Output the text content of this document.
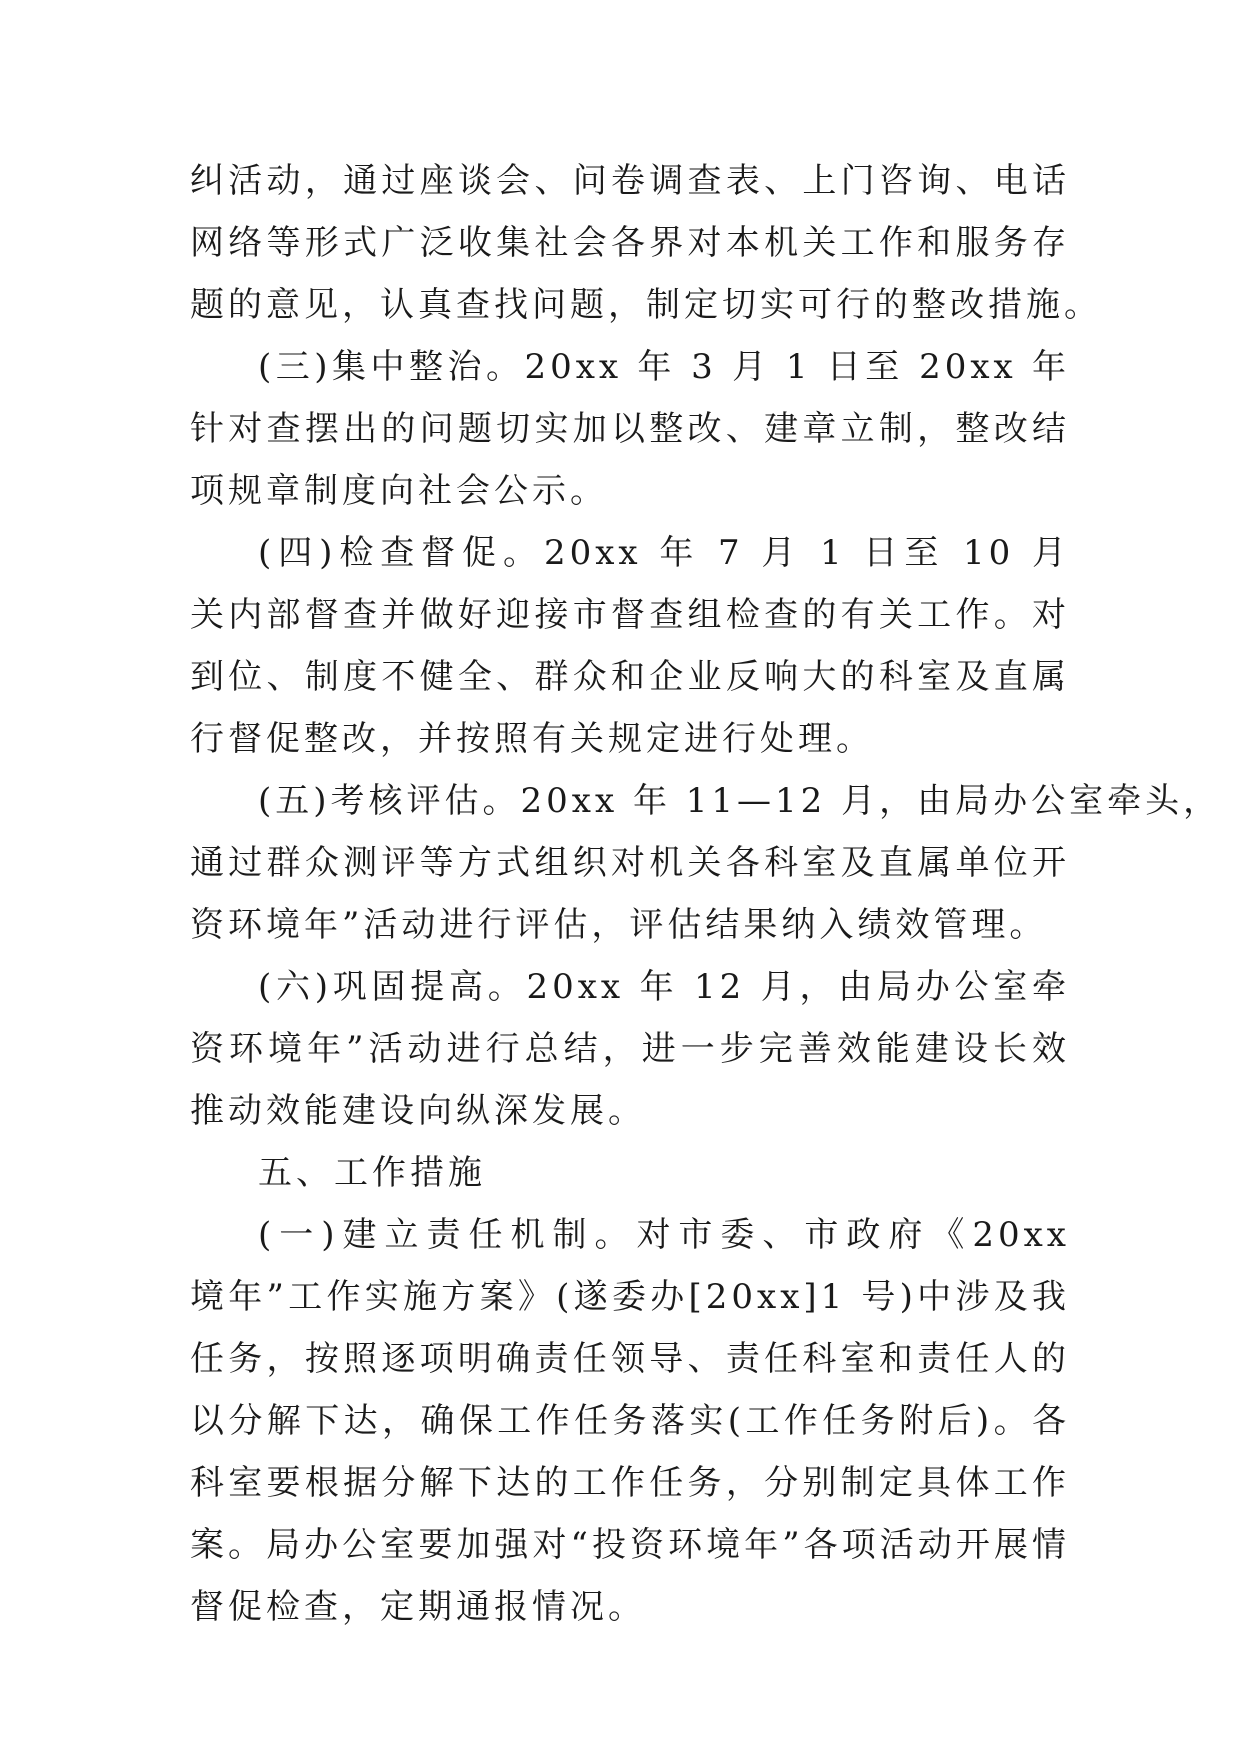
纠活动，通过座谈会、问卷调查表、上门咨询、电话
网络等形式广泛收集社会各界对本机关工作和服务存
题的意见，认真查找问题，制定切实可行的整改措施。
(三)集中整治。20xx 年 3 月 1 日至 20xx 年
针对查摆出的问题切实加以整改、建章立制，整改结
项规章制度向社会公示。
(四)检查督促。20xx 年 7 月 1 日至 10 月
关内部督查并做好迎接市督查组检查的有关工作。对
到位、制度不健全、群众和企业反响大的科室及直属
行督促整改，并按照有关规定进行处理。
(五)考核评估。20xx 年 11—12 月，由局办公室牵头，
通过群众测评等方式组织对机关各科室及直属单位开
资环境年”活动进行评估，评估结果纳入绩效管理。
(六)巩固提高。20xx 年 12 月，由局办公室牵
资环境年”活动进行总结，进一步完善效能建设长效
推动效能建设向纵深发展。
五、工作措施
(一)建立责任机制。对市委、市政府《20xx
境年”工作实施方案》(遂委办[20xx]1 号)中涉及我
任务，按照逐项明确责任领导、责任科室和责任人的
以分解下达，确保工作任务落实(工作任务附后)。各
科室要根据分解下达的工作任务，分别制定具体工作
案。局办公室要加强对“投资环境年”各项活动开展情
督促检查，定期通报情况。
